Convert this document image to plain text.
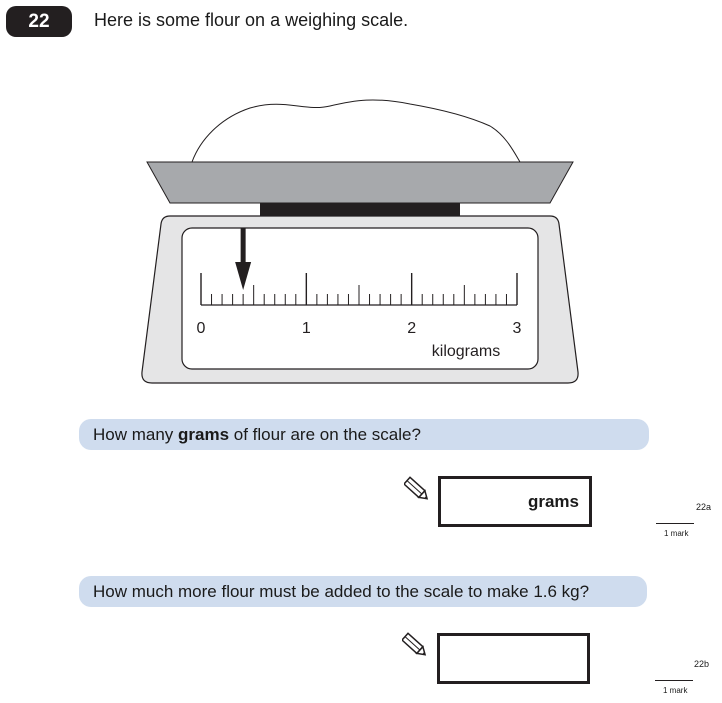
22	Here is some flour on a weighing scale.
0	1	2	3
kilograms
How many grams of flour are on the scale?
grams	22a
1 mark
How much more flour must be added to the scale to make 1.6 kg?
22b
1 mark
